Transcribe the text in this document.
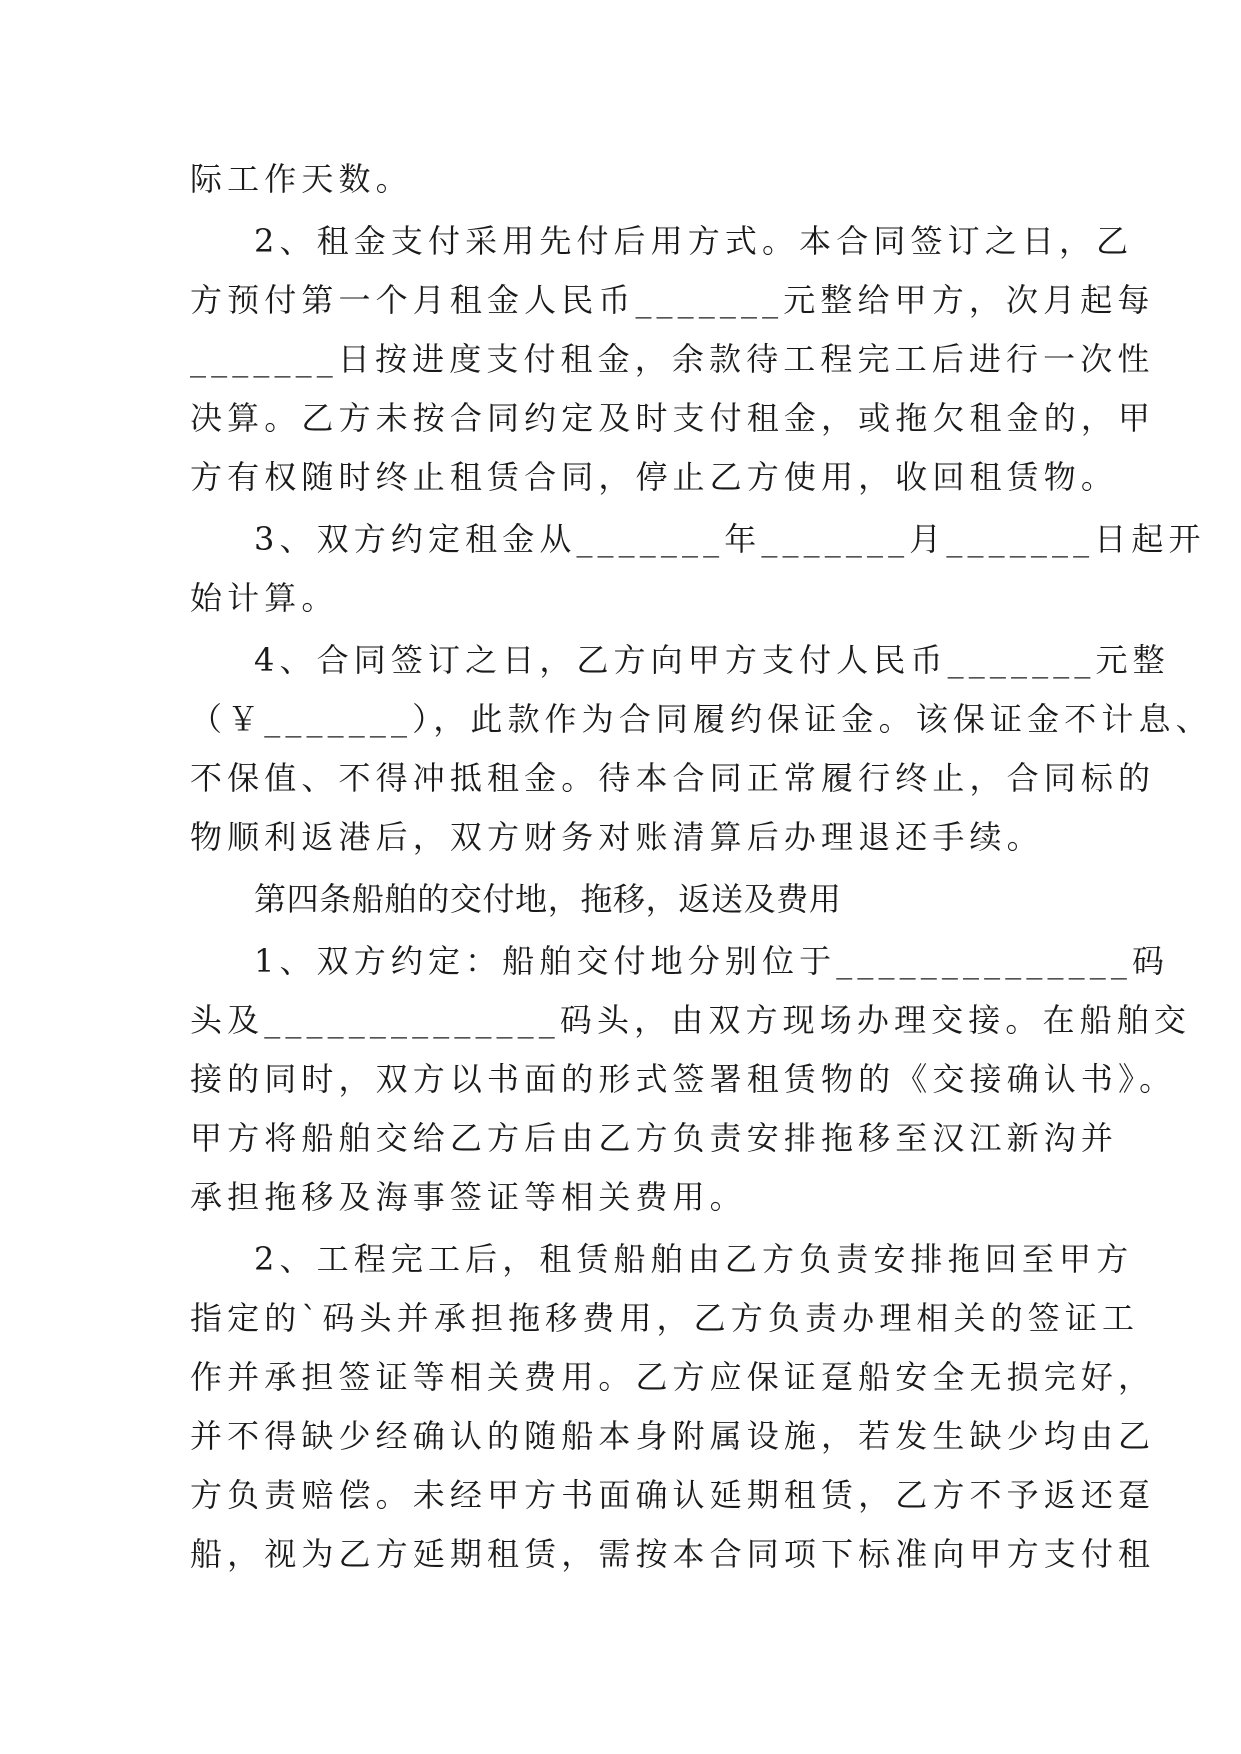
际工作天数。
2、租金支付采用先付后用方式。本合同签订之日，乙
方预付第一个月租金人民币_______元整给甲方，次月起每
_______日按进度支付租金，余款待工程完工后进行一次性
决算。乙方未按合同约定及时支付租金，或拖欠租金的，甲
方有权随时终止租赁合同，停止乙方使用，收回租赁物。
3、双方约定租金从_______年_______月_______日起开
始计算。
4、合同签订之日，乙方向甲方支付人民币_______元整
（￥_______），此款作为合同履约保证金。该保证金不计息、
不保值、不得冲抵租金。待本合同正常履行终止，合同标的
物顺利返港后，双方财务对账清算后办理退还手续。
第四条船舶的交付地，拖移，返送及费用
1、双方约定：船舶交付地分别位于______________码
头及______________码头，由双方现场办理交接。在船舶交
接的同时，双方以书面的形式签署租赁物的《交接确认书》。
甲方将船舶交给乙方后由乙方负责安排拖移至汉江新沟并
承担拖移及海事签证等相关费用。
2、工程完工后，租赁船舶由乙方负责安排拖回至甲方
指定的`码头并承担拖移费用，乙方负责办理相关的签证工
作并承担签证等相关费用。乙方应保证趸船安全无损完好，
并不得缺少经确认的随船本身附属设施，若发生缺少均由乙
方负责赔偿。未经甲方书面确认延期租赁，乙方不予返还趸
船，视为乙方延期租赁，需按本合同项下标准向甲方支付租
